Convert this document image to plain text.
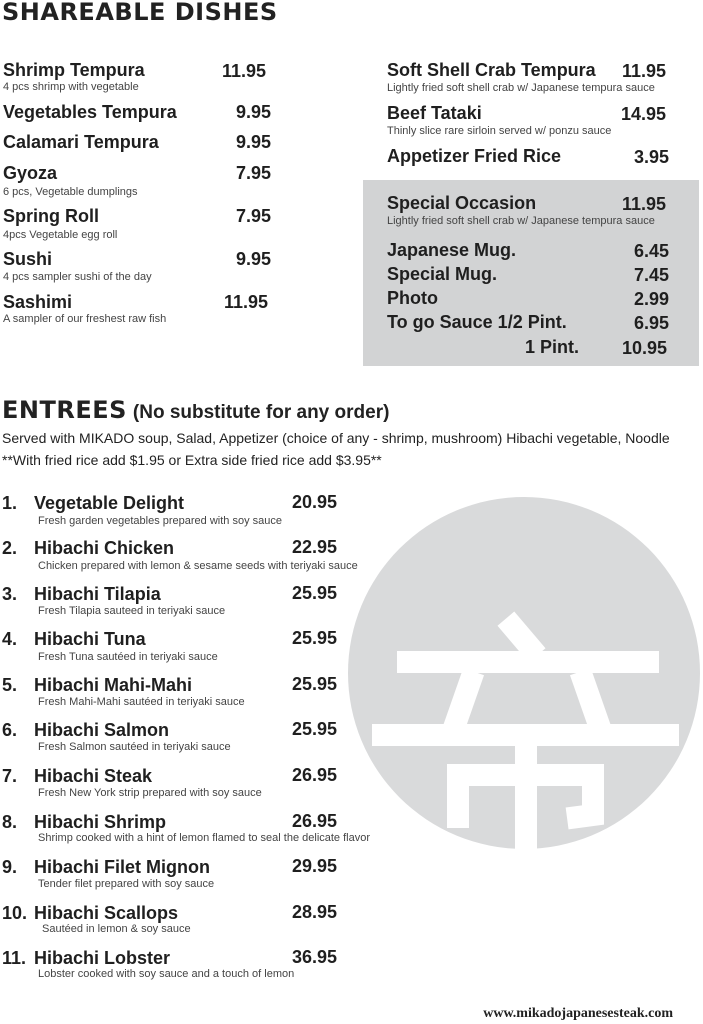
SHAREABLE DISHES
Shrimp Tempura	11.95
4 pcs shrimp with vegetable
Vegetables Tempura	9.95
Calamari Tempura	9.95
Gyoza	7.95
6 pcs, Vegetable dumplings
Spring Roll	7.95
4pcs Vegetable egg roll
Sushi	9.95
4 pcs sampler sushi of the day
Sashimi	11.95
A sampler of our freshest raw fish
Soft Shell Crab Tempura 11.95
Lightly fried soft shell crab w/ Japanese tempura sauce
Beef Tataki	14.95
Thinly slice rare sirloin served w/ ponzu sauce
Appetizer Fried Rice	3.95
Special Occasion	11.95
Lightly fried soft shell crab w/ Japanese tempura sauce
Japanese Mug.	6.45
Special Mug.	7.45
Photo	2.99
To go Sauce 1/2 Pint.	6.95
1 Pint. 10.95
ENTREES (No substitute for any order)
Served with MIKADO soup, Salad, Appetizer (choice of any - shrimp, mushroom) Hibachi vegetable, Noodle
**With fried rice add $1.95 or Extra side fried rice add $3.95**
1. Vegetable Delight	20.95
Fresh garden vegetables prepared with soy sauce
2. Hibachi Chicken	22.95
Chicken prepared with lemon & sesame seeds with teriyaki sauce
3. Hibachi Tilapia	25.95
Fresh Tilapia sauteed in teriyaki sauce
4. Hibachi Tuna	25.95
Fresh Tuna sautéed in teriyaki sauce
5. Hibachi Mahi-Mahi	25.95
Fresh Mahi-Mahi sautéed in teriyaki sauce
6. Hibachi Salmon	25.95
Fresh Salmon sautéed in teriyaki sauce
7. Hibachi Steak	26.95
Fresh New York strip prepared with soy sauce
8. Hibachi Shrimp	26.95
Shrimp cooked with a hint of lemon flamed to seal the delicate flavor
9. Hibachi Filet Mignon	29.95
Tender filet prepared with soy sauce
10. Hibachi Scallops	28.95
Sautéed in lemon & soy sauce
11. Hibachi Lobster	36.95
Lobster cooked with soy sauce and a touch of lemon
www.mikadojapanesesteak.com
